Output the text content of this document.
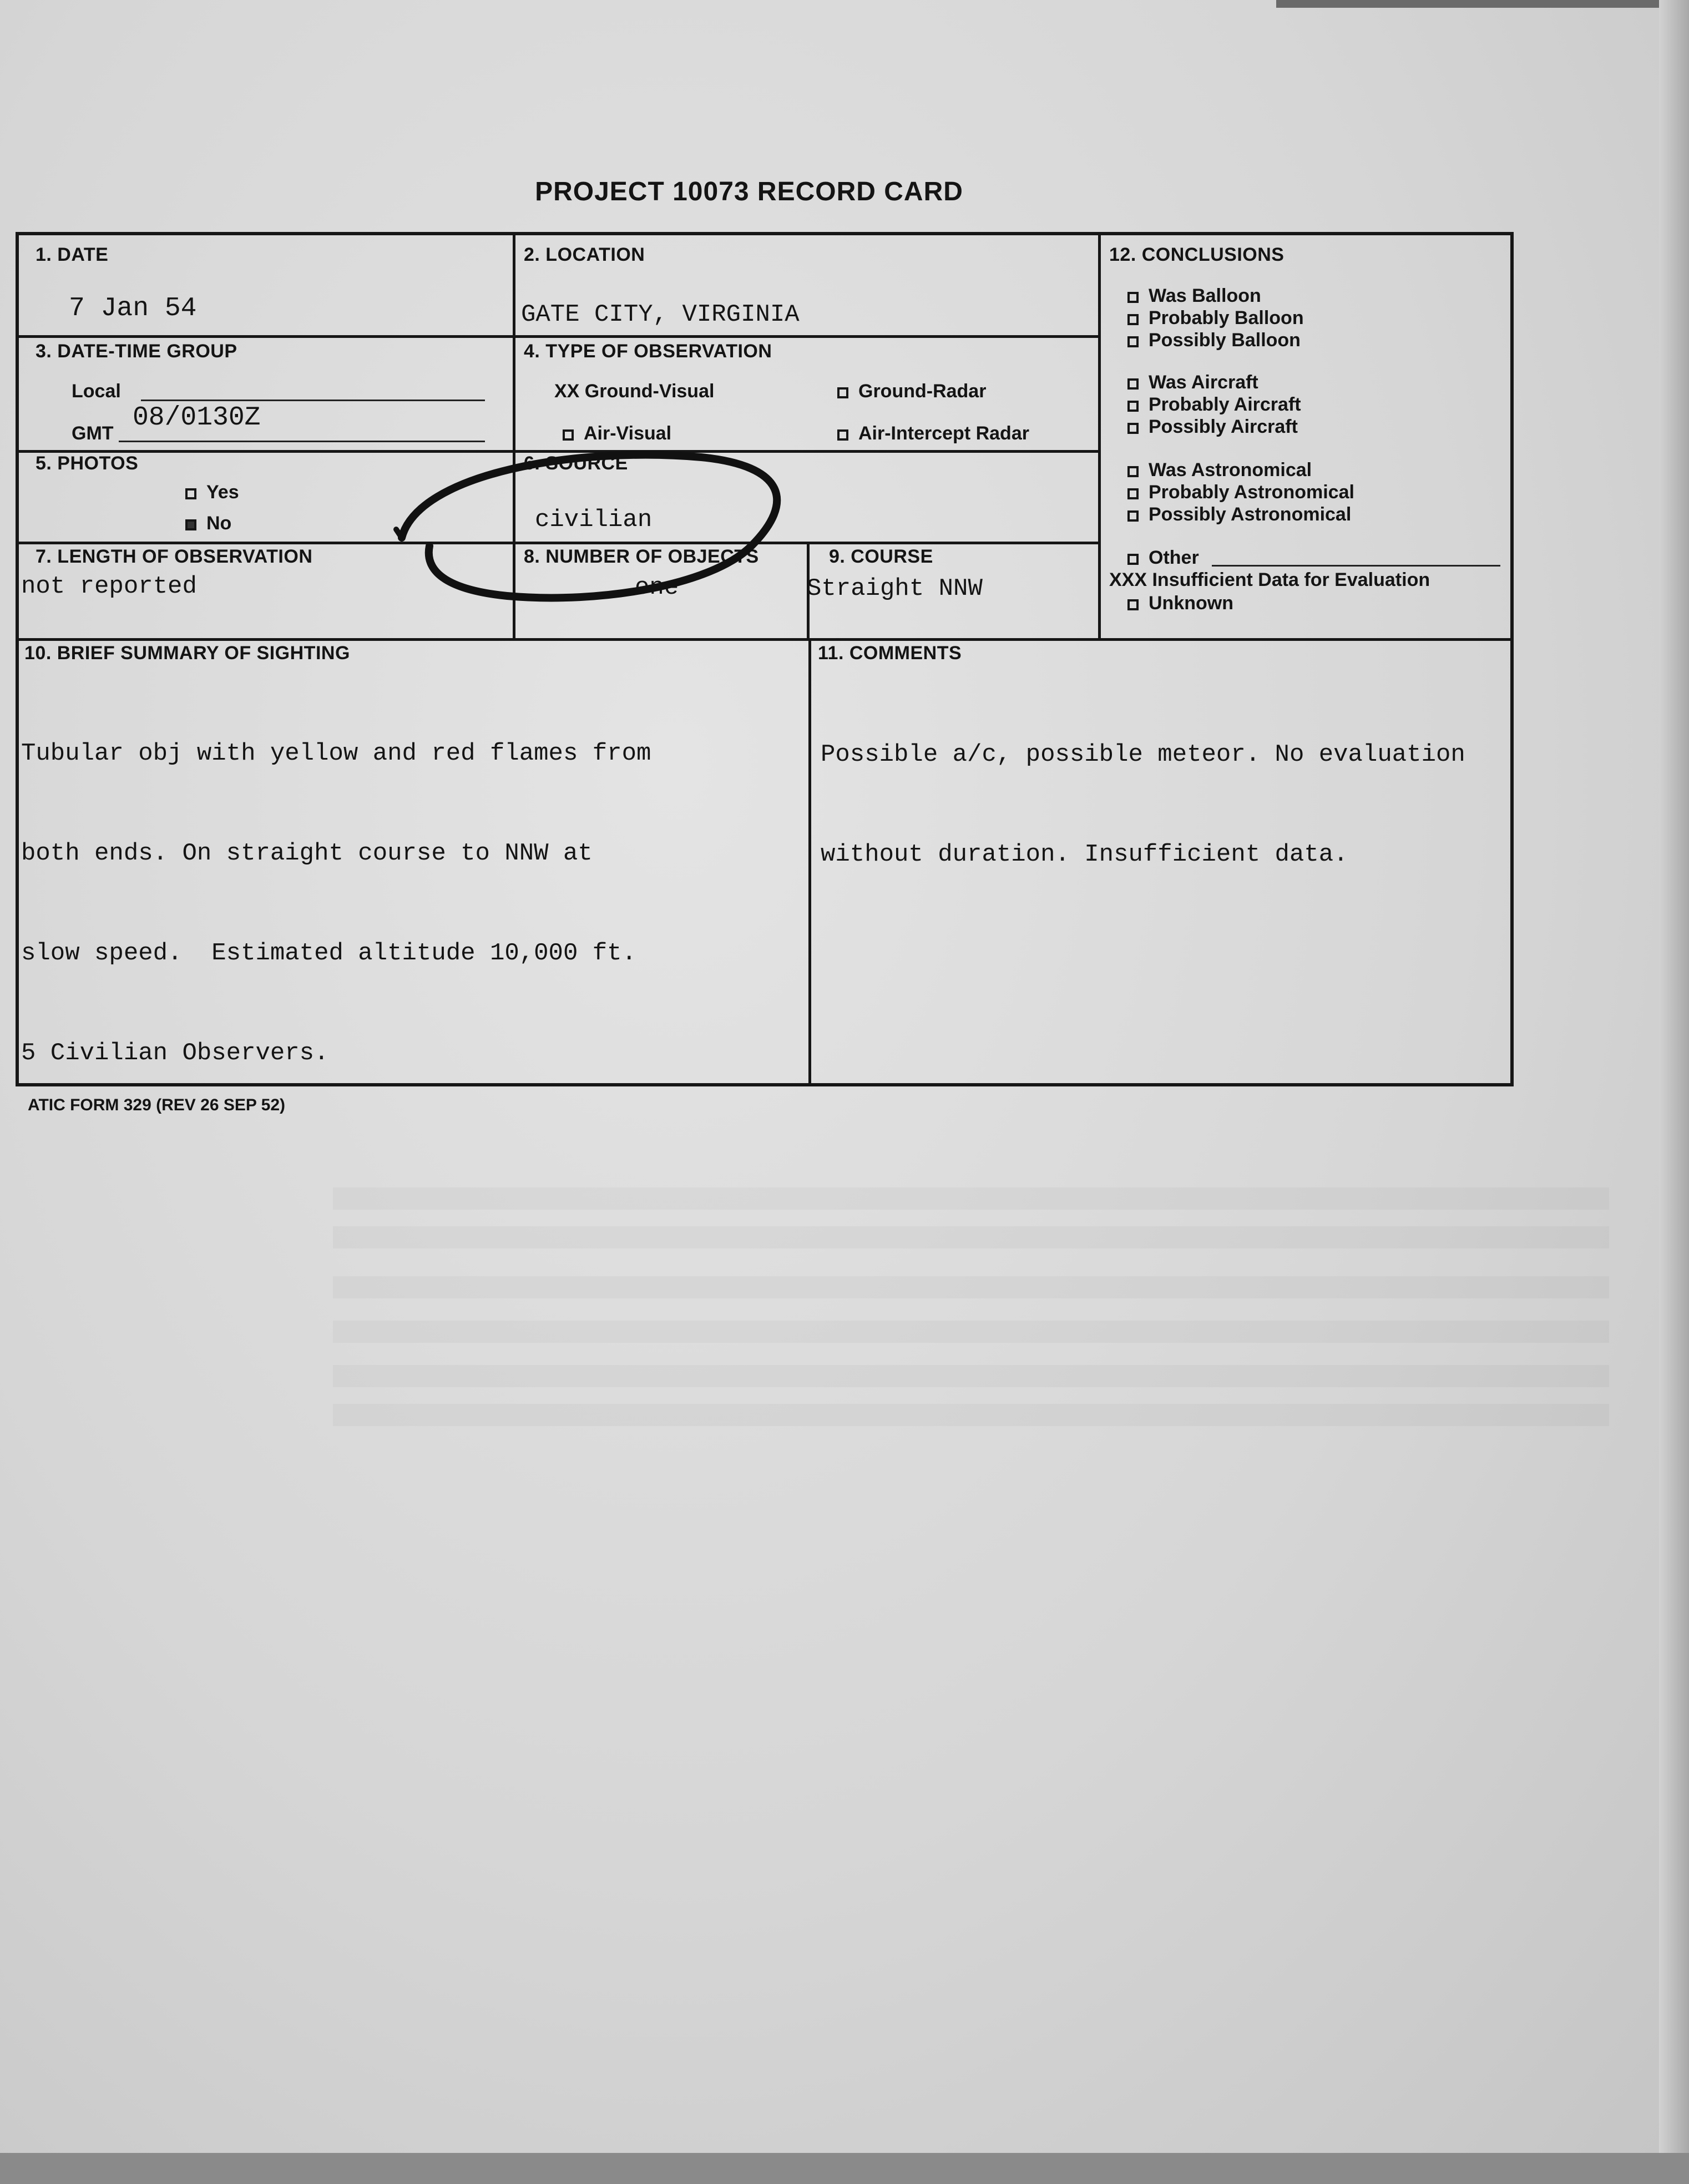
PROJECT 10073 RECORD CARD
1. DATE
7 Jan 54
2. LOCATION
GATE CITY, VIRGINIA
3. DATE-TIME GROUP
Local
GMT
08/0130Z
4. TYPE OF OBSERVATION
XX Ground-Visual	Ground-Radar
Air-Visual	Air-Intercept Radar
5. PHOTOS
Yes
No
6. SOURCE
civilian
7. LENGTH OF OBSERVATION
not reported
8. NUMBER OF OBJECTS
one
9. COURSE
Straight NNW
12. CONCLUSIONS
Was Balloon
Probably Balloon
Possibly Balloon
Was Aircraft
Probably Aircraft
Possibly Aircraft
Was Astronomical
Probably Astronomical
Possibly Astronomical
Other
XXX Insufficient Data for Evaluation
Unknown
10. BRIEF SUMMARY OF SIGHTING

Tubular obj with yellow and red flames from

both ends. On straight course to NNW at

slow speed.  Estimated altitude 10,000 ft.

5 Civilian Observers.

11. COMMENTS

Possible a/c, possible meteor. No evaluation

without duration. Insufficient data.

ATIC FORM 329 (REV 26 SEP 52)
